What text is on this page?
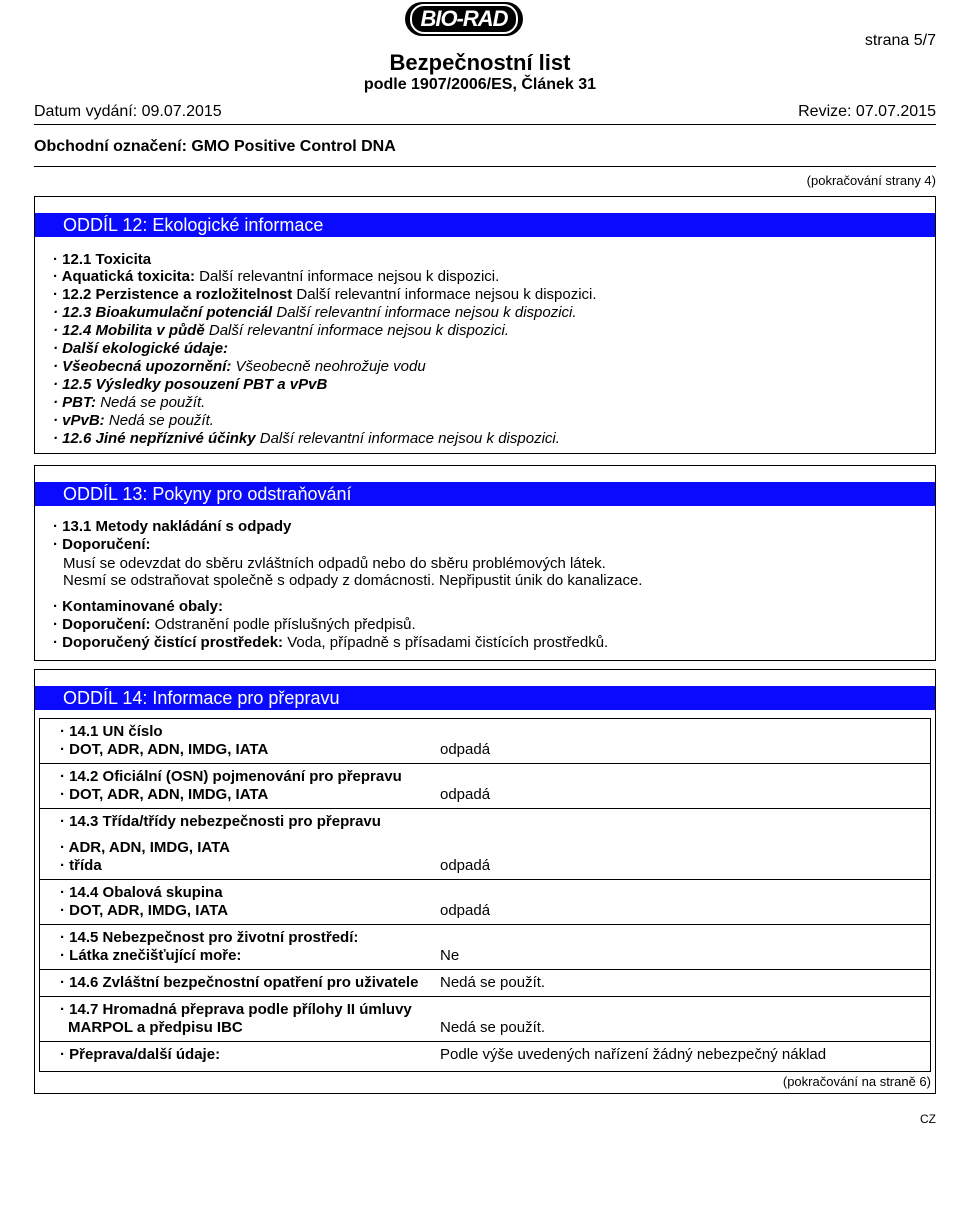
BIO-RAD
strana 5/7
Bezpečnostní list
podle 1907/2006/ES, Článek 31
Datum vydání: 09.07.2015	Revize: 07.07.2015
Obchodní označení: GMO Positive Control DNA
(pokračování strany 4)
ODDÍL 12: Ekologické informace
· 12.1 Toxicita
· Aquatická toxicita: Další relevantní informace nejsou k dispozici.
· 12.2 Perzistence a rozložitelnost Další relevantní informace nejsou k dispozici.
· 12.3 Bioakumulační potenciál Další relevantní informace nejsou k dispozici.
· 12.4 Mobilita v půdě Další relevantní informace nejsou k dispozici.
· Další ekologické údaje:
· Všeobecná upozornění: Všeobecně neohrožuje vodu
· 12.5 Výsledky posouzení PBT a vPvB
· PBT: Nedá se použít.
· vPvB: Nedá se použít.
· 12.6 Jiné nepříznivé účinky Další relevantní informace nejsou k dispozici.
ODDÍL 13: Pokyny pro odstraňování
· 13.1 Metody nakládání s odpady
· Doporučení:
Musí se odevzdat do sběru zvláštních odpadů nebo do sběru problémových látek.
Nesmí se odstraňovat společně s odpady z domácnosti. Nepřipustit únik do kanalizace.
· Kontaminované obaly:
· Doporučení: Odstranění podle příslušných předpisů.
· Doporučený čistící prostředek: Voda, případně s přísadami čistících prostředků.
ODDÍL 14: Informace pro přepravu
· 14.1 UN číslo
· DOT, ADR, ADN, IMDG, IATA	odpadá
· 14.2 Oficiální (OSN) pojmenování pro přepravu
· DOT, ADR, ADN, IMDG, IATA	odpadá
· 14.3 Třída/třídy nebezpečnosti pro přepravu
· ADR, ADN, IMDG, IATA
· třída	odpadá
· 14.4 Obalová skupina
· DOT, ADR, IMDG, IATA	odpadá
· 14.5 Nebezpečnost pro životní prostředí:
· Látka znečišťující moře:	Ne
· 14.6 Zvláštní bezpečnostní opatření pro uživatele Nedá se použít.
· 14.7 Hromadná přeprava podle přílohy II úmluvy
MARPOL a předpisu IBC	Nedá se použít.
· Přeprava/další údaje:	Podle výše uvedených nařízení žádný nebezpečný náklad
(pokračování na straně 6)
CZ
